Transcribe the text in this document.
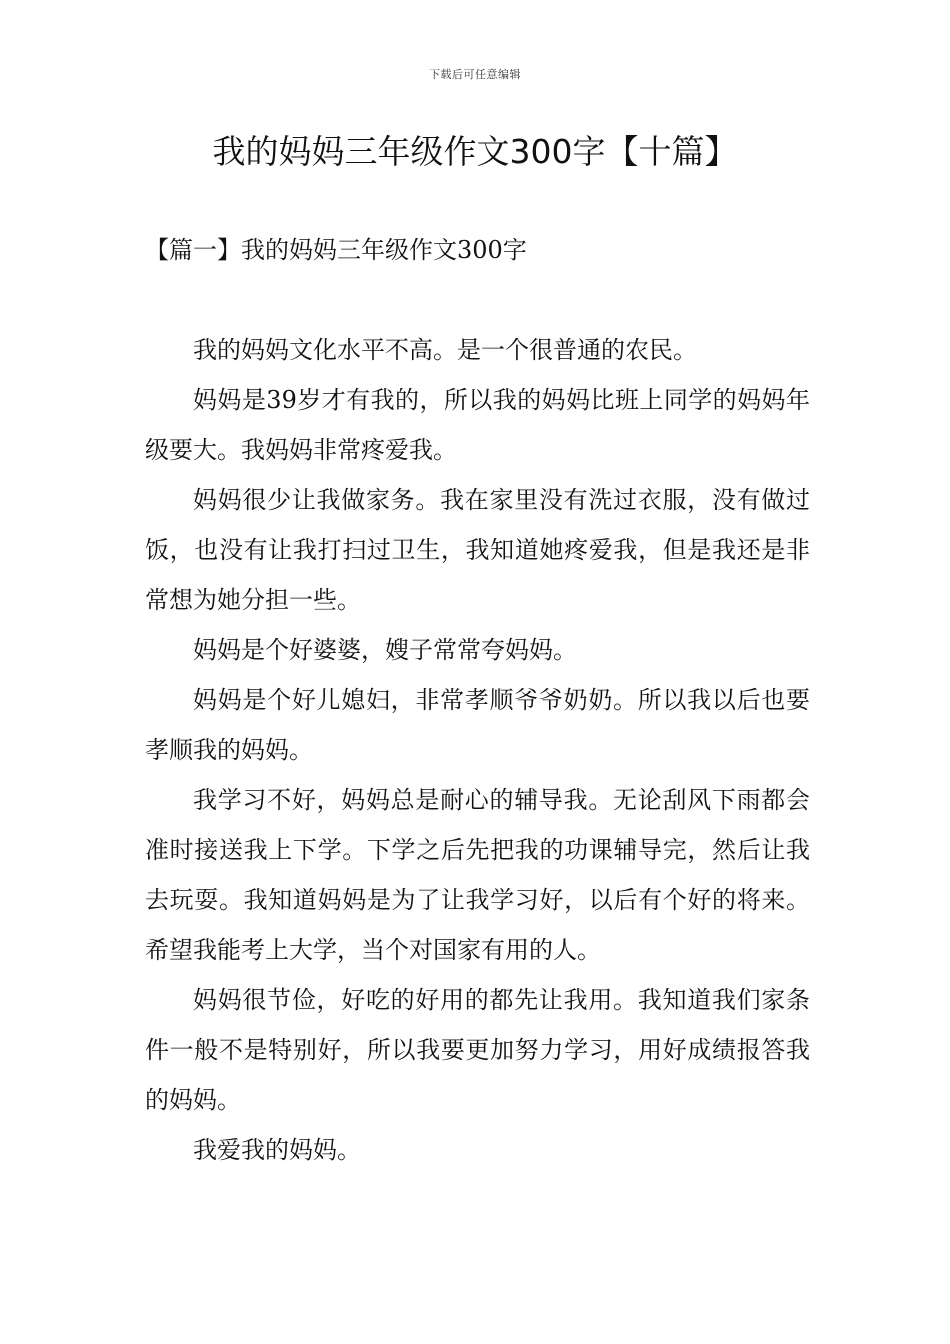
下载后可任意编辑
我的妈妈三年级作文300字【十篇】
【篇一】我的妈妈三年级作文300字

我的妈妈文化水平不高。是一个很普通的农民。

妈妈是39岁才有我的，所以我的妈妈比班上同学的妈妈年级要大。我妈妈非常疼爱我。

妈妈很少让我做家务。我在家里没有洗过衣服，没有做过饭，也没有让我打扫过卫生，我知道她疼爱我，但是我还是非常想为她分担一些。

妈妈是个好婆婆，嫂子常常夸妈妈。

妈妈是个好儿媳妇，非常孝顺爷爷奶奶。所以我以后也要孝顺我的妈妈。

我学习不好，妈妈总是耐心的辅导我。无论刮风下雨都会准时接送我上下学。下学之后先把我的功课辅导完，然后让我去玩耍。我知道妈妈是为了让我学习好，以后有个好的将来。希望我能考上大学，当个对国家有用的人。

妈妈很节俭，好吃的好用的都先让我用。我知道我们家条件一般不是特别好，所以我要更加努力学习，用好成绩报答我的妈妈。

我爱我的妈妈。
